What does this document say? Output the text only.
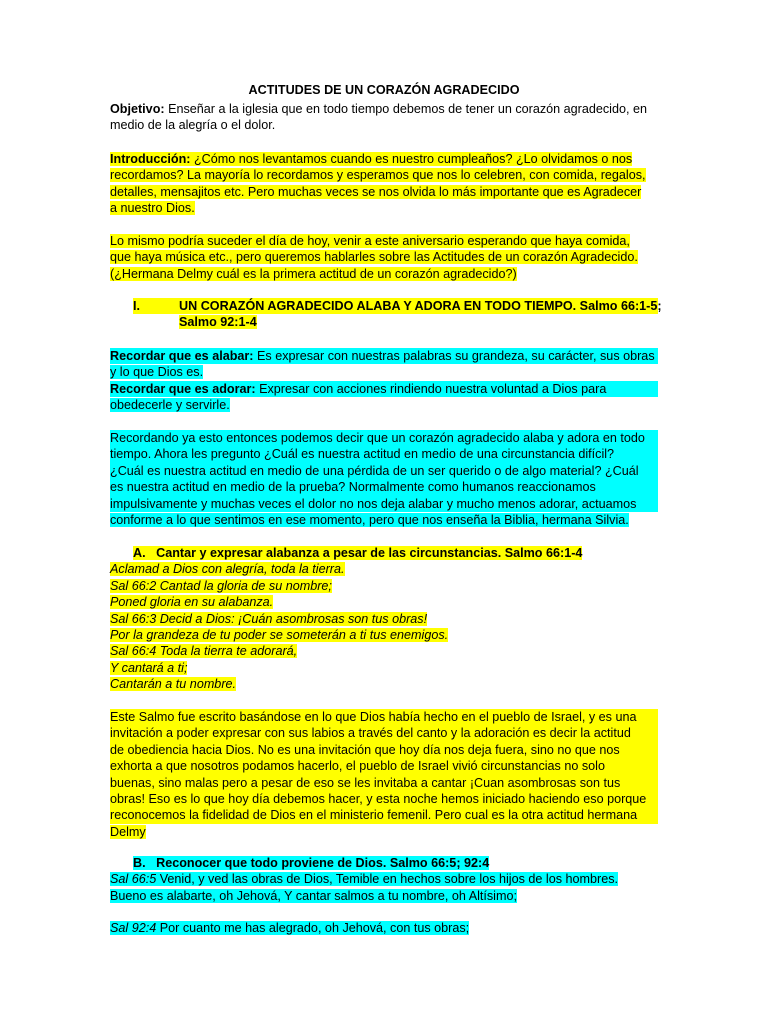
ACTITUDES DE UN CORAZÓN AGRADECIDO
Objetivo: Enseñar a la iglesia que en todo tiempo debemos de tener un corazón agradecido, en
medio de la alegría o el dolor.
Introducción: ¿Cómo nos levantamos cuando es nuestro cumpleaños? ¿Lo olvidamos o nos
recordamos? La mayoría lo recordamos y esperamos que nos lo celebren, con comida, regalos,
detalles, mensajitos etc. Pero muchas veces se nos olvida lo más importante que es Agradecer
a nuestro Dios.
Lo mismo podría suceder el día de hoy, venir a este aniversario esperando que haya comida,
que haya música etc., pero queremos hablarles sobre las Actitudes de un corazón Agradecido.
(¿Hermana Delmy cuál es la primera actitud de un corazón agradecido?)
I.	UN CORAZÓN AGRADECIDO ALABA Y ADORA EN TODO TIEMPO. Salmo 66:1-5;
Salmo 92:1-4
Recordar que es alabar: Es expresar con nuestras palabras su grandeza, su carácter, sus obras
y lo que Dios es.
Recordar que es adorar: Expresar con acciones rindiendo nuestra voluntad a Dios para
obedecerle y servirle.
Recordando ya esto entonces podemos decir que un corazón agradecido alaba y adora en todo
tiempo. Ahora les pregunto ¿Cuál es nuestra actitud en medio de una circunstancia difícil?
¿Cuál es nuestra actitud en medio de una pérdida de un ser querido o de algo material? ¿Cuál
es nuestra actitud en medio de la prueba? Normalmente como humanos reaccionamos
impulsivamente y muchas veces el dolor no nos deja alabar y mucho menos adorar, actuamos
conforme a lo que sentimos en ese momento, pero que nos enseña la Biblia, hermana Silvia.
A. Cantar y expresar alabanza a pesar de las circunstancias. Salmo 66:1-4
Aclamad a Dios con alegría, toda la tierra.
Sal 66:2 Cantad la gloria de su nombre;
Poned gloria en su alabanza.
Sal 66:3 Decid a Dios: ¡Cuán asombrosas son tus obras!
Por la grandeza de tu poder se someterán a ti tus enemigos.
Sal 66:4 Toda la tierra te adorará,
Y cantará a ti;
Cantarán a tu nombre.
Este Salmo fue escrito basándose en lo que Dios había hecho en el pueblo de Israel, y es una
invitación a poder expresar con sus labios a través del canto y la adoración es decir la actitud
de obediencia hacia Dios. No es una invitación que hoy día nos deja fuera, sino no que nos
exhorta a que nosotros podamos hacerlo, el pueblo de Israel vivió circunstancias no solo
buenas, sino malas pero a pesar de eso se les invitaba a cantar ¡Cuan asombrosas son tus
obras! Eso es lo que hoy día debemos hacer, y esta noche hemos iniciado haciendo eso porque
reconocemos la fidelidad de Dios en el ministerio femenil. Pero cual es la otra actitud hermana
Delmy
B. Reconocer que todo proviene de Dios. Salmo 66:5; 92:4
Sal 66:5 Venid, y ved las obras de Dios, Temible en hechos sobre los hijos de los hombres.
Bueno es alabarte, oh Jehová, Y cantar salmos a tu nombre, oh Altísimo;
Sal 92:4 Por cuanto me has alegrado, oh Jehová, con tus obras;
